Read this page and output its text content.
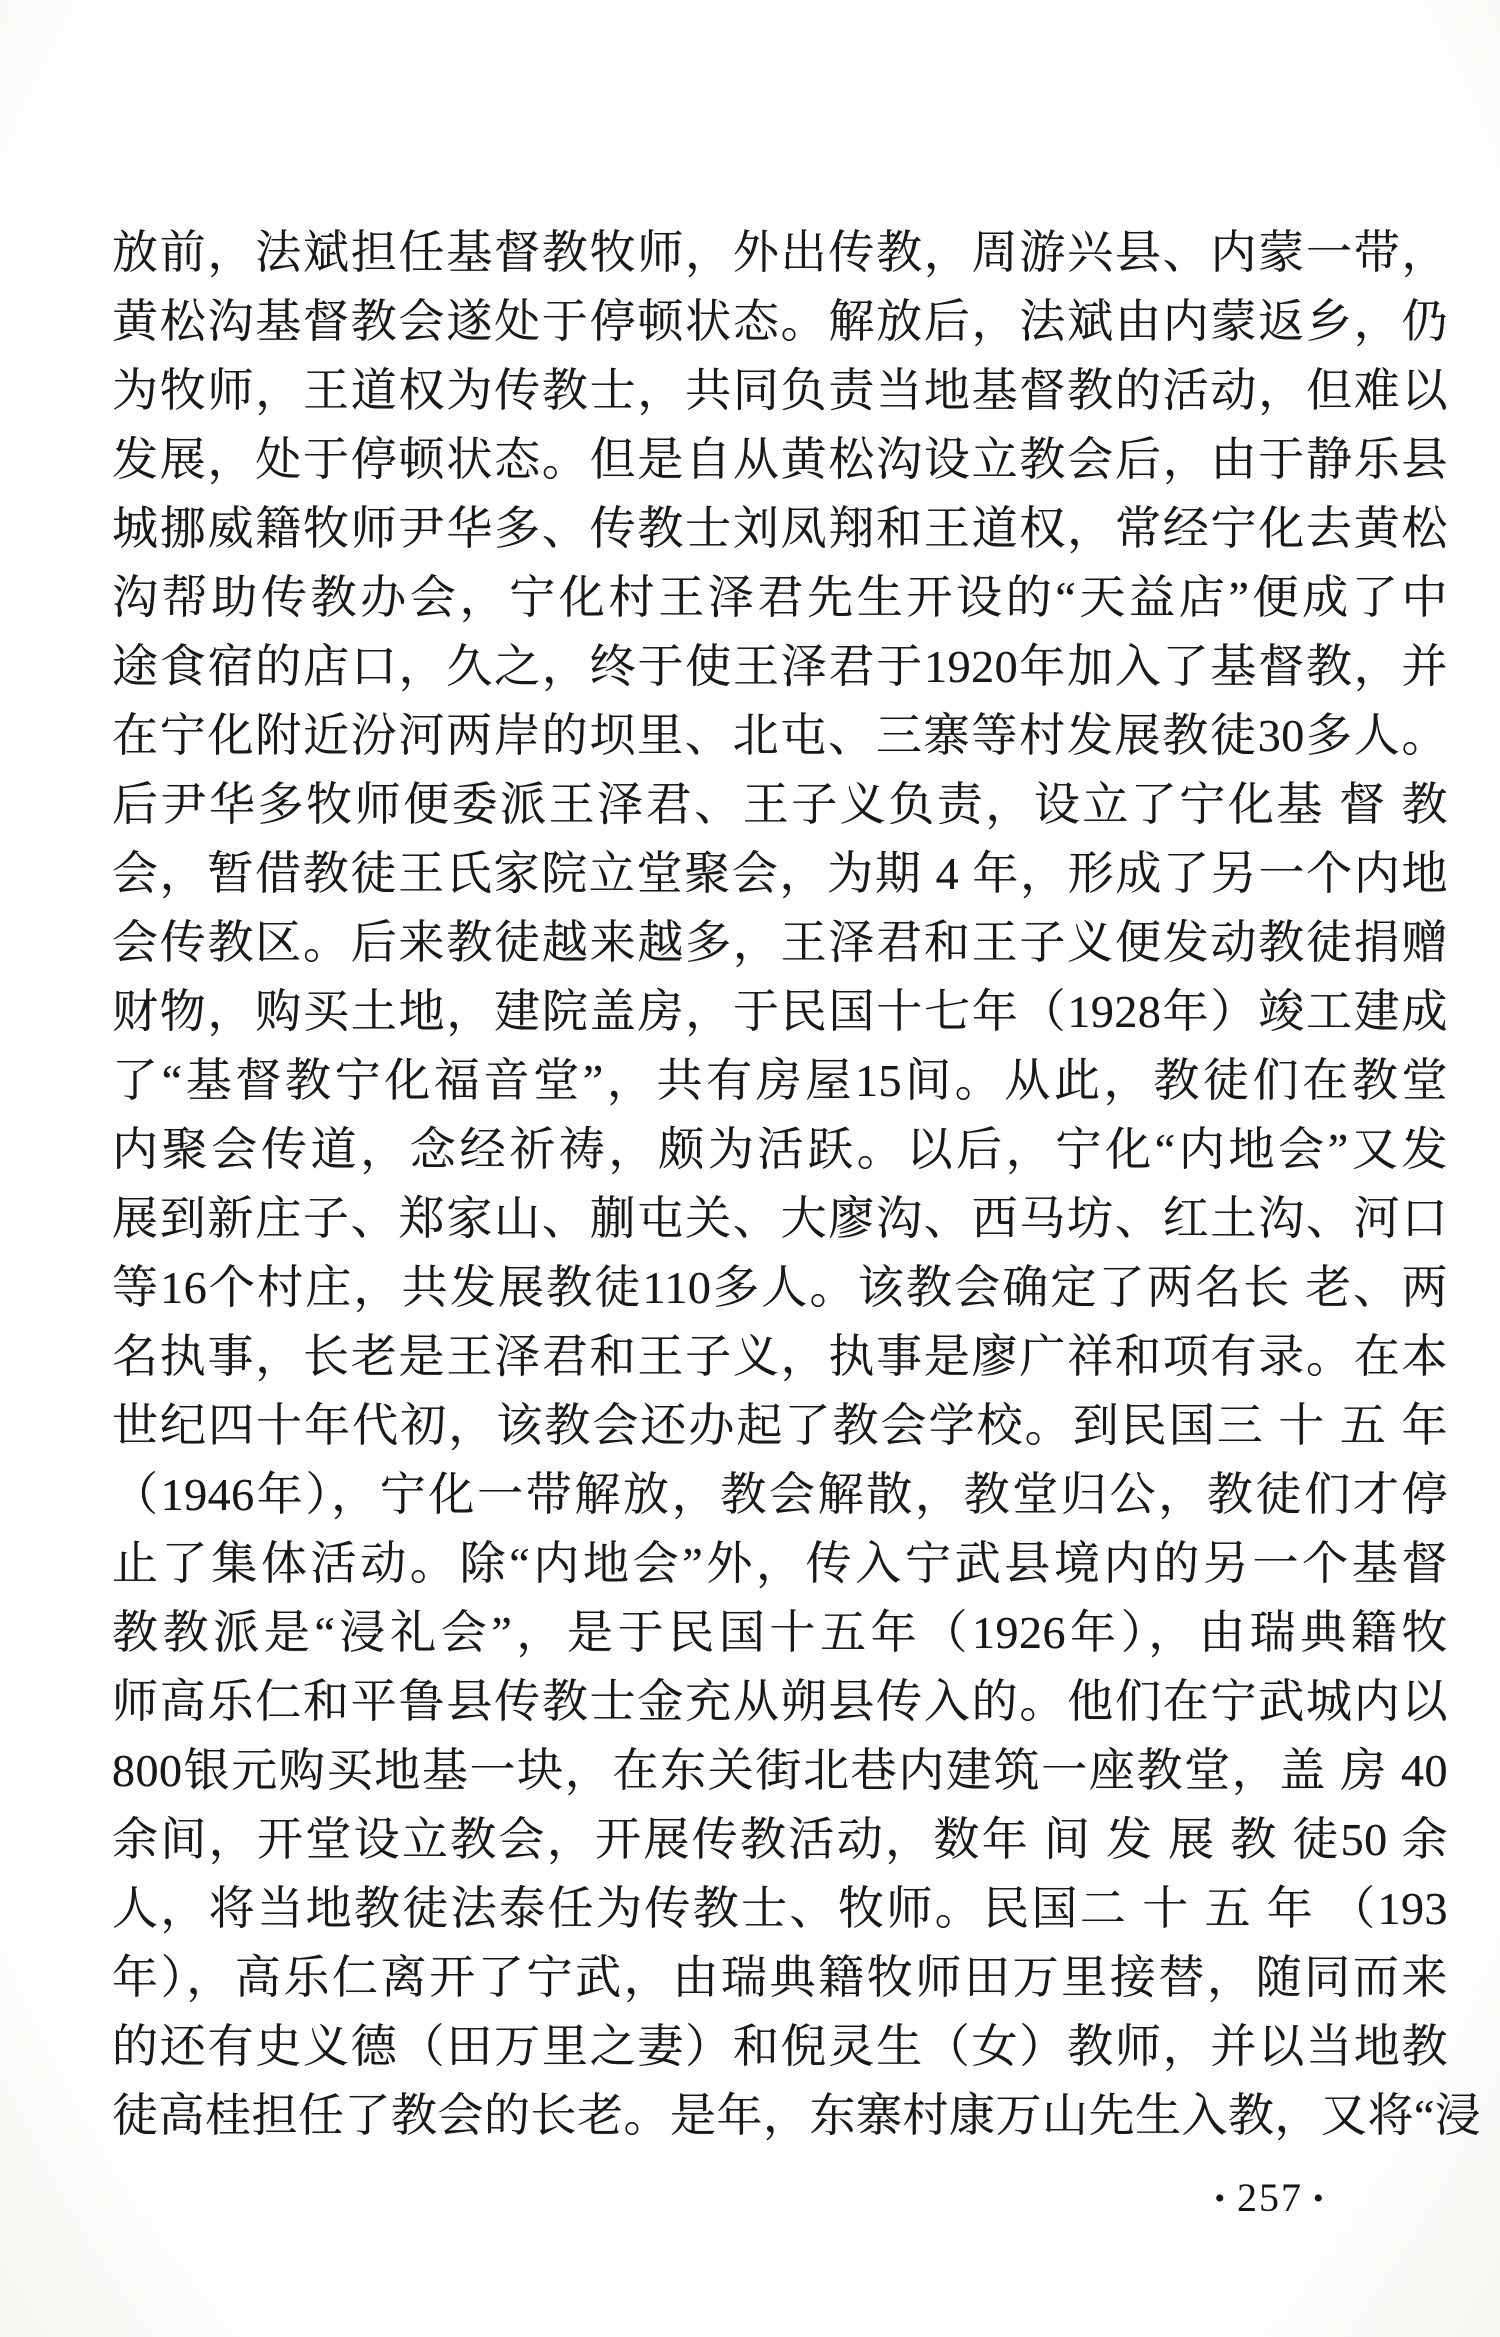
放前，法斌担任基督教牧师，外出传教，周游兴县、内蒙一带，
黄松沟基督教会遂处于停顿状态。解放后，法斌由内蒙返乡，仍
为牧师，王道权为传教士，共同负责当地基督教的活动，但难以
发展，处于停顿状态。但是自从黄松沟设立教会后，由于静乐县
城挪威籍牧师尹华多、传教士刘凤翔和王道权，常经宁化去黄松
沟帮助传教办会，宁化村王泽君先生开设的“天益店”便成了中
途食宿的店口，久之，终于使王泽君于1920年加入了基督教，并
在宁化附近汾河两岸的坝里、北屯、三寨等村发展教徒30多人。
后尹华多牧师便委派王泽君、王子义负责，设立了宁化基 督 教
会，暂借教徒王氏家院立堂聚会，为期 4 年，形成了另一个内地
会传教区。后来教徒越来越多，王泽君和王子义便发动教徒捐赠
财物，购买土地，建院盖房，于民国十七年（1928年）竣工建成
了“基督教宁化福音堂”，共有房屋15间。从此，教徒们在教堂
内聚会传道，念经祈祷，颇为活跃。以后，宁化“内地会”又发
展到新庄子、郑家山、蒯屯关、大廖沟、西马坊、红土沟、河口
等16个村庄，共发展教徒110多人。该教会确定了两名长 老、两
名执事，长老是王泽君和王子义，执事是廖广祥和项有录。在本
世纪四十年代初，该教会还办起了教会学校。到民国三 十 五 年
（1946年），宁化一带解放，教会解散，教堂归公，教徒们才停
止了集体活动。除“内地会”外，传入宁武县境内的另一个基督
教教派是“浸礼会”，是于民国十五年（1926年），由瑞典籍牧
师高乐仁和平鲁县传教士金充从朔县传入的。他们在宁武城内以
800银元购买地基一块，在东关街北巷内建筑一座教堂，盖 房 40
余间，开堂设立教会，开展传教活动，数年 间 发 展 教 徒50 余
人，将当地教徒法泰任为传教士、牧师。民国二 十 五 年 （193
年），高乐仁离开了宁武，由瑞典籍牧师田万里接替，随同而来
的还有史义德（田万里之妻）和倪灵生（女）教师，并以当地教
徒高桂担任了教会的长老。是年，东寨村康万山先生入教，又将“浸
• 257 •
